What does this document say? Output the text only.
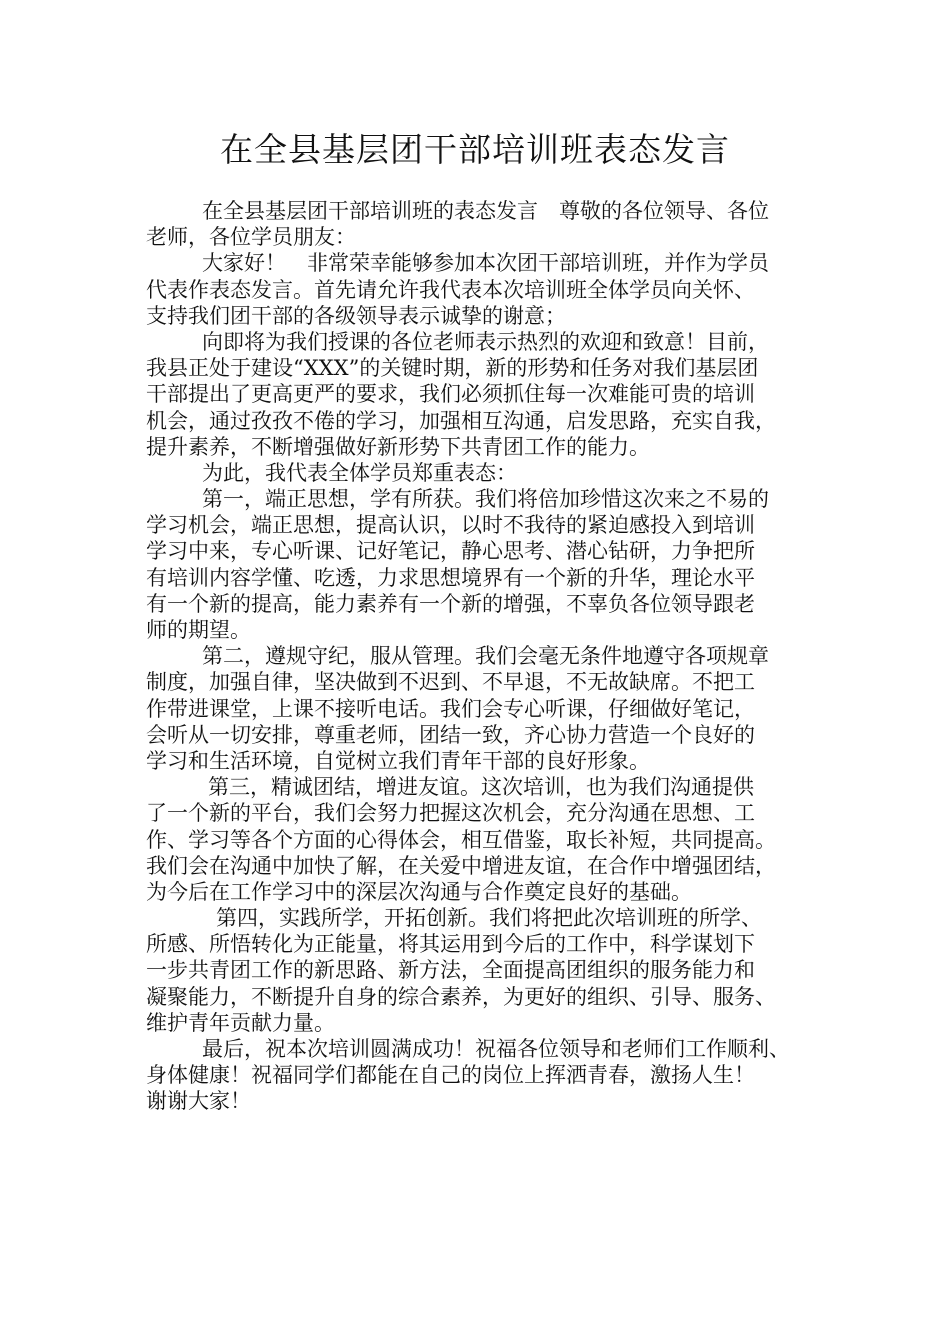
在全县基层团干部培训班表态发言
在全县基层团干部培训班的表态发言　尊敬的各位领导、各位
老师，各位学员朋友：
大家好！　非常荣幸能够参加本次团干部培训班，并作为学员
代表作表态发言。首先请允许我代表本次培训班全体学员向关怀、
支持我们团干部的各级领导表示诚挚的谢意；
向即将为我们授课的各位老师表示热烈的欢迎和致意！目前，
我县正处于建设“XXX”的关键时期，新的形势和任务对我们基层团
干部提出了更高更严的要求，我们必须抓住每一次难能可贵的培训
机会，通过孜孜不倦的学习，加强相互沟通，启发思路，充实自我，
提升素养，不断增强做好新形势下共青团工作的能力。
为此，我代表全体学员郑重表态：
第一，端正思想，学有所获。我们将倍加珍惜这次来之不易的
学习机会，端正思想，提高认识，以时不我待的紧迫感投入到培训
学习中来，专心听课、记好笔记，静心思考、潜心钻研，力争把所
有培训内容学懂、吃透，力求思想境界有一个新的升华，理论水平
有一个新的提高，能力素养有一个新的增强，不辜负各位领导跟老
师的期望。
第二，遵规守纪，服从管理。我们会毫无条件地遵守各项规章
制度，加强自律，坚决做到不迟到、不早退，不无故缺席。不把工
作带进课堂，上课不接听电话。我们会专心听课，仔细做好笔记，
会听从一切安排，尊重老师，团结一致，齐心协力营造一个良好的
学习和生活环境，自觉树立我们青年干部的良好形象。
第三，精诚团结，增进友谊。这次培训，也为我们沟通提供
了一个新的平台，我们会努力把握这次机会，充分沟通在思想、工
作、学习等各个方面的心得体会，相互借鉴，取长补短，共同提高。
我们会在沟通中加快了解，在关爱中增进友谊，在合作中增强团结，
为今后在工作学习中的深层次沟通与合作奠定良好的基础。
第四，实践所学，开拓创新。我们将把此次培训班的所学、
所感、所悟转化为正能量，将其运用到今后的工作中，科学谋划下
一步共青团工作的新思路、新方法，全面提高团组织的服务能力和
凝聚能力，不断提升自身的综合素养，为更好的组织、引导、服务、
维护青年贡献力量。
最后，祝本次培训圆满成功！祝福各位领导和老师们工作顺利、
身体健康！祝福同学们都能在自己的岗位上挥洒青春，激扬人生！
谢谢大家！
